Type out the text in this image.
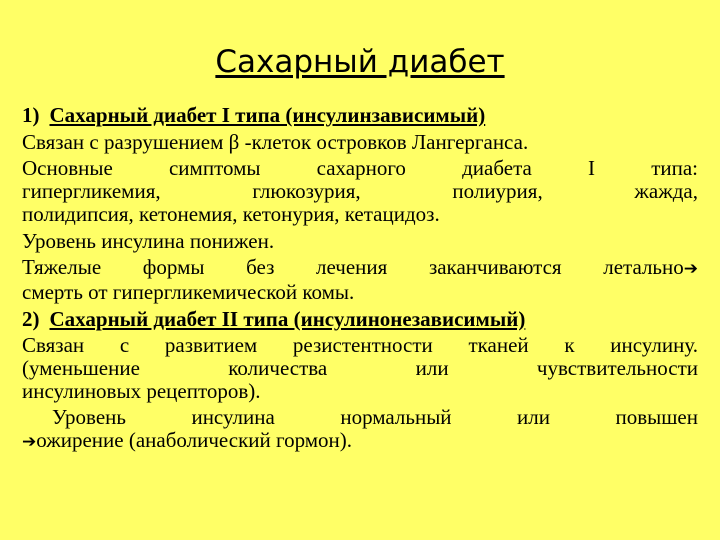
Сахарный диабет
1) Сахарный диабет I типа (инсулинзависимый)
Связан с разрушением β -клеток островков Лангерганса.
Основные симптомы сахарного диабета I типа:
гипергликемия, глюкозурия, полиурия, жажда,
полидипсия, кетонемия, кетонурия, кетацидоз.
Уровень инсулина понижен.
Тяжелые формы без лечения заканчиваются летально➔
смерть от гипергликемической комы.
2) Сахарный диабет II типа (инсулинонезависимый)
Связан с развитием резистентности тканей к инсулину.
(уменьшение количества или чувствительности
инсулиновых рецепторов).
Уровень инсулина нормальный или повышен
➔ожирение (анаболический гормон).
